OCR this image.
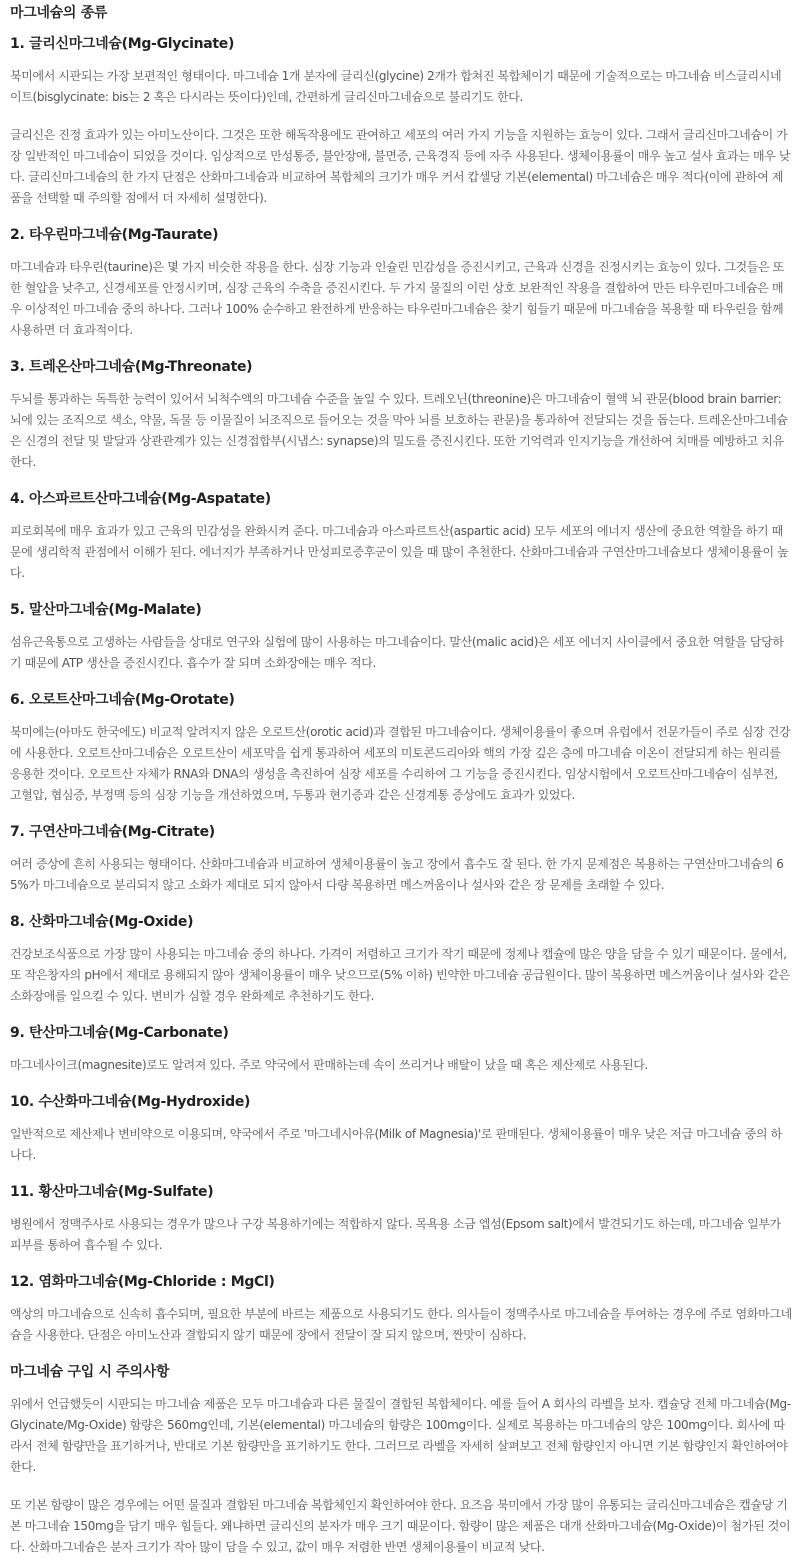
마그네슘의 종류
1. 글리신마그네슘(Mg-Glycinate)

북미에서 시판되는 가장 보편적인 형태이다. 마그네슘 1개 분자에 글리신(glycine) 2개가 합쳐진 복합체이기 때문에 기술적으로는 마그네슘 비스글리시네이트(bisglycinate: bis는 2 혹은 다시라는 뜻이다)인데, 간편하게 글리신마그네슘으로 불리기도 한다.

글리신은 진정 효과가 있는 아미노산이다. 그것은 또한 해독작용에도 관여하고 세포의 여러 가지 기능을 지원하는 효능이 있다. 그래서 글리신마그네슘이 가장 일반적인 마그네슘이 되었을 것이다. 임상적으로 만성통증, 불안장애, 불면증, 근육경직 등에 자주 사용된다. 생체이용률이 매우 높고 설사 효과는 매우 낮다. 글리신마그네슘의 한 가지 단점은 산화마그네슘과 비교하여 복합체의 크기가 매우 커서 캅셀당 기본(elemental) 마그네슘은 매우 적다(이에 관하여 제품을 선택할 때 주의할 점에서 더 자세히 설명한다).

2. 타우린마그네슘(Mg-Taurate)

마그네슘과 타우린(taurine)은 몇 가지 비슷한 작용을 한다. 심장 기능과 인슐린 민감성을 증진시키고, 근육과 신경을 진정시키는 효능이 있다. 그것들은 또한 혈압을 낮추고, 신경세포를 안정시키며, 심장 근육의 수축을 증진시킨다. 두 가지 물질의 이런 상호 보완적인 작용을 결합하여 만든 타우린마그네슘은 매우 이상적인 마그네슘 중의 하나다. 그러나 100% 순수하고 완전하게 반응하는 타우린마그네슘은 찾기 힘들기 때문에 마그네슘을 복용할 때 타우린을 함께 사용하면 더 효과적이다.

3. 트레온산마그네슘(Mg-Threonate)

두뇌를 통과하는 독특한 능력이 있어서 뇌척수액의 마그네슘 수준을 높일 수 있다. 트레오닌(threonine)은 마그네슘이 혈액 뇌 관문(blood brain barrier: 뇌에 있는 조직으로 색소, 약물, 독물 등 이물질이 뇌조직으로 들어오는 것을 막아 뇌를 보호하는 관문)을 통과하여 전달되는 것을 돕는다. 트레온산마그네슘은 신경의 전달 및 발달과 상관관계가 있는 신경접합부(시냅스: synapse)의 밀도를 증진시킨다. 또한 기억력과 인지기능을 개선하여 치매를 예방하고 치유한다.

4. 아스파르트산마그네슘(Mg-Aspatate)

피로회복에 매우 효과가 있고 근육의 민감성을 완화시켜 준다. 마그네슘과 아스파르트산(aspartic acid) 모두 세포의 에너지 생산에 중요한 역할을 하기 때문에 생리학적 관점에서 이해가 된다. 에너지가 부족하거나 만성피로증후군이 있을 때 많이 추천한다. 산화마그네슘과 구연산마그네슘보다 생체이용률이 높다.

5. 말산마그네슘(Mg-Malate)

섬유근육통으로 고생하는 사람들을 상대로 연구와 실험에 많이 사용하는 마그네슘이다. 말산(malic acid)은 세포 에너지 사이클에서 중요한 역할을 담당하기 때문에 ATP 생산을 증진시킨다. 흡수가 잘 되며 소화장애는 매우 적다.

6. 오로트산마그네슘(Mg-Orotate)

북미에는(아마도 한국에도) 비교적 알려지지 않은 오로트산(orotic acid)과 결합된 마그네슘이다. 생체이용률이 좋으며 유럽에서 전문가들이 주로 심장 건강에 사용한다. 오로트산마그네슘은 오로트산이 세포막을 쉽게 통과하여 세포의 미토콘드리아와 핵의 가장 깊은 층에 마그네슘 이온이 전달되게 하는 원리를 응용한 것이다. 오로트산 자체가 RNA와 DNA의 생성을 촉진하여 심장 세포를 수리하여 그 기능을 증진시킨다. 임상시험에서 오로트산마그네슘이 심부전, 고혈압, 협심증, 부정맥 등의 심장 기능을 개선하였으며, 두통과 현기증과 같은 신경계통 증상에도 효과가 있었다.

7. 구연산마그네슘(Mg-Citrate)

여러 증상에 흔히 사용되는 형태이다. 산화마그네슘과 비교하여 생체이용률이 높고 장에서 흡수도 잘 된다. 한 가지 문제점은 복용하는 구연산마그네슘의 65%가 마그네슘으로 분리되지 않고 소화가 제대로 되지 않아서 다량 복용하면 메스꺼움이나 설사와 같은 장 문제를 초래할 수 있다.

8. 산화마그네슘(Mg-Oxide)

건강보조식품으로 가장 많이 사용되는 마그네슘 중의 하나다. 가격이 저렴하고 크기가 작기 때문에 정제나 캡슐에 많은 양을 담을 수 있기 때문이다. 물에서, 또 작은창자의 pH에서 제대로 용해되지 않아 생체이용률이 매우 낮으므로(5% 이하) 빈약한 마그네슘 공급원이다. 많이 복용하면 메스꺼움이나 설사와 같은 소화장애를 일으킬 수 있다. 변비가 심할 경우 완화제로 추천하기도 한다.

9. 탄산마그네슘(Mg-Carbonate)

마그네사이크(magnesite)로도 알려져 있다. 주로 약국에서 판매하는데 속이 쓰리거나 배탈이 났을 때 혹은 제산제로 사용된다.

10. 수산화마그네슘(Mg-Hydroxide)

일반적으로 제산제나 변비약으로 이용되며, 약국에서 주로 '마그네시아유(Milk of Magnesia)'로 판매된다. 생체이용률이 매우 낮은 저급 마그네슘 중의 하나다.

11. 황산마그네슘(Mg-Sulfate)

병원에서 정맥주사로 사용되는 경우가 많으나 구강 복용하기에는 적합하지 않다. 목욕용 소금 엡섬(Epsom salt)에서 발견되기도 하는데, 마그네슘 일부가 피부를 통하여 흡수될 수 있다.

12. 염화마그네슘(Mg-Chloride : MgCl)

액상의 마그네슘으로 신속히 흡수되며, 필요한 부분에 바르는 제품으로 사용되기도 한다. 의사들이 정맥주사로 마그네슘을 투여하는 경우에 주로 염화마그네슘을 사용한다. 단점은 아미노산과 결합되지 않기 때문에 장에서 전달이 잘 되지 않으며, 짠맛이 심하다.

마그네슘 구입 시 주의사항

위에서 언급했듯이 시판되는 마그네슘 제품은 모두 마그네슘과 다른 물질이 결합된 복합체이다. 예를 들어 A 회사의 라벨을 보자. 캡슐당 전체 마그네슘(Mg-Glycinate/Mg-Oxide) 함량은 560mg인데, 기본(elemental) 마그네슘의 함량은 100mg이다. 실제로 복용하는 마그네슘의 양은 100mg이다. 회사에 따라서 전체 함량만을 표기하거나, 반대로 기본 함량만을 표기하기도 한다. 그러므로 라벨을 자세히 살펴보고 전체 함량인지 아니면 기본 함량인지 확인하여야 한다.

또 기본 함량이 많은 경우에는 어떤 물질과 결합된 마그네슘 복합체인지 확인하여야 한다. 요즈음 북미에서 가장 많이 유통되는 글리신마그네슘은 캡슐당 기본 마그네슘 150mg을 담기 매우 힘들다. 왜냐하면 글리신의 분자가 매우 크기 때문이다. 함량이 많은 제품은 대개 산화마그네슘(Mg-Oxide)이 첨가된 것이다. 산화마그네슘은 분자 크기가 작아 많이 담을 수 있고, 값이 매우 저렴한 반면 생체이용률이 비교적 낮다.
